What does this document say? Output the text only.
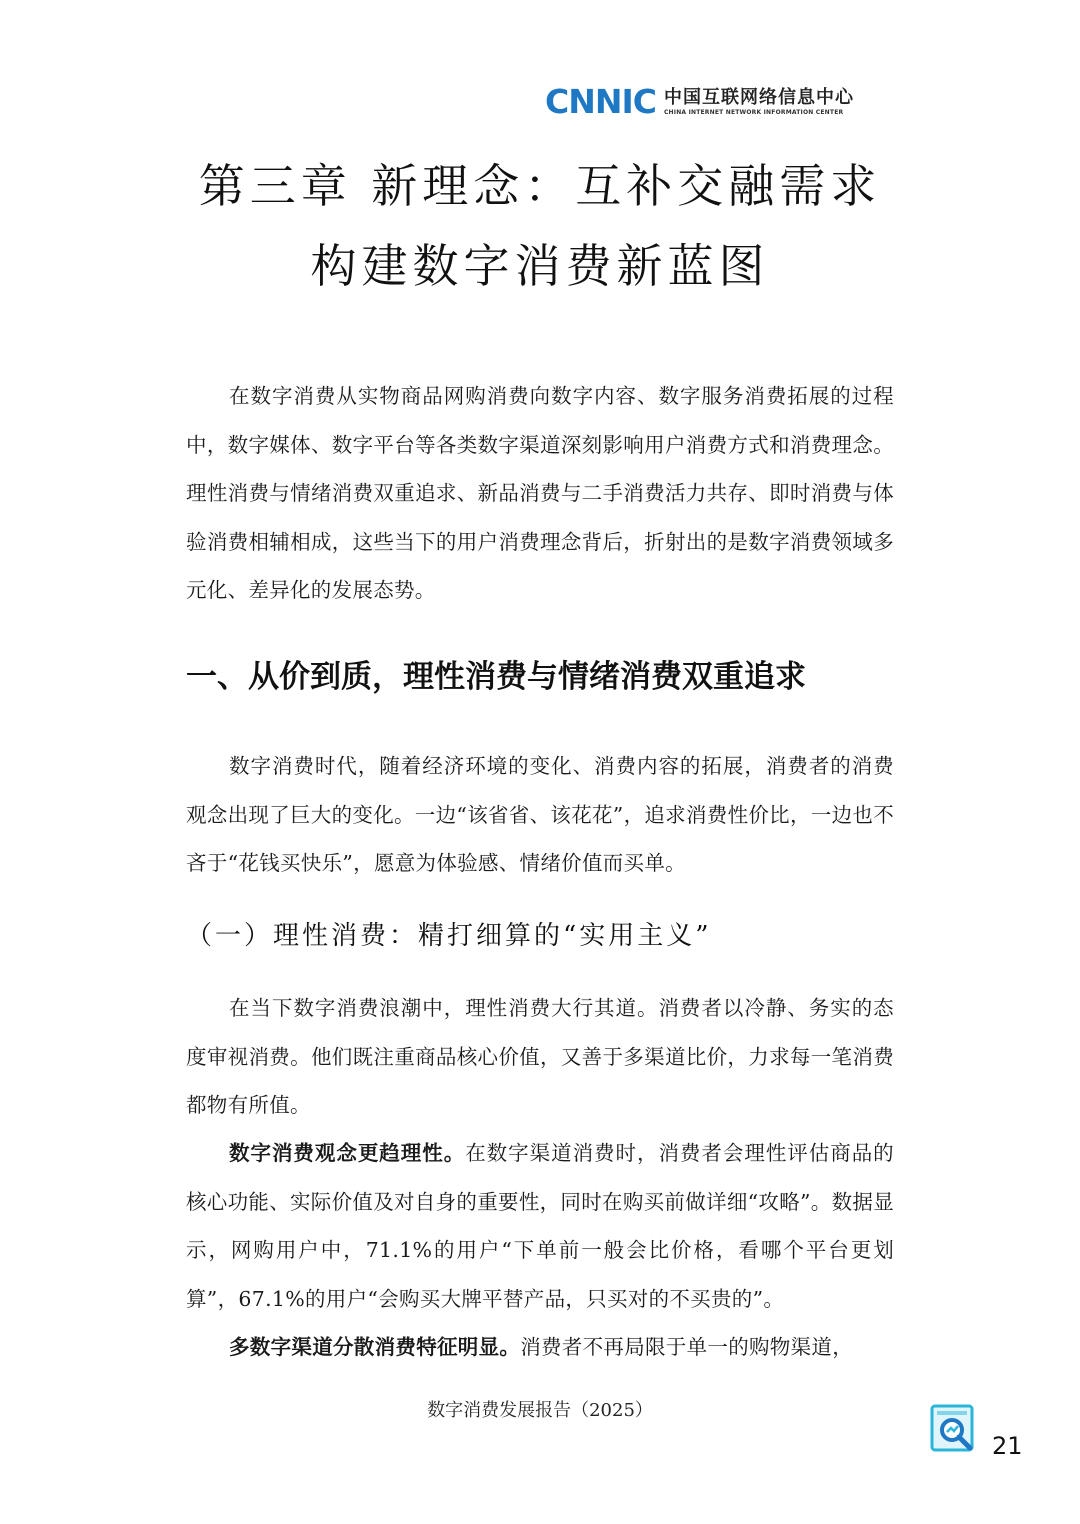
CNNIC 中国互联网络信息中心
CHINA INTERNET NETWORK INFORMATION CENTER
第三章 新理念：互补交融需求
构建数字消费新蓝图

在数字消费从实物商品网购消费向数字内容、数字服务消费拓展的过程中，数字媒体、数字平台等各类数字渠道深刻影响用户消费方式和消费理念。理性消费与情绪消费双重追求、新品消费与二手消费活力共存、即时消费与体验消费相辅相成，这些当下的用户消费理念背后，折射出的是数字消费领域多元化、差异化的发展态势。

一、从价到质，理性消费与情绪消费双重追求

数字消费时代，随着经济环境的变化、消费内容的拓展，消费者的消费观念出现了巨大的变化。一边“该省省、该花花”，追求消费性价比，一边也不吝于“花钱买快乐”，愿意为体验感、情绪价值而买单。

（一）理性消费：精打细算的“实用主义”

在当下数字消费浪潮中，理性消费大行其道。消费者以冷静、务实的态度审视消费。他们既注重商品核心价值，又善于多渠道比价，力求每一笔消费都物有所值。

数字消费观念更趋理性。在数字渠道消费时，消费者会理性评估商品的核心功能、实际价值及对自身的重要性，同时在购买前做详细“攻略”。数据显示，网购用户中，71.1%的用户“下单前一般会比价格，看哪个平台更划算”，67.1%的用户“会购买大牌平替产品，只买对的不买贵的”。

多数字渠道分散消费特征明显。消费者不再局限于单一的购物渠道，

数字消费发展报告（2025）
21
